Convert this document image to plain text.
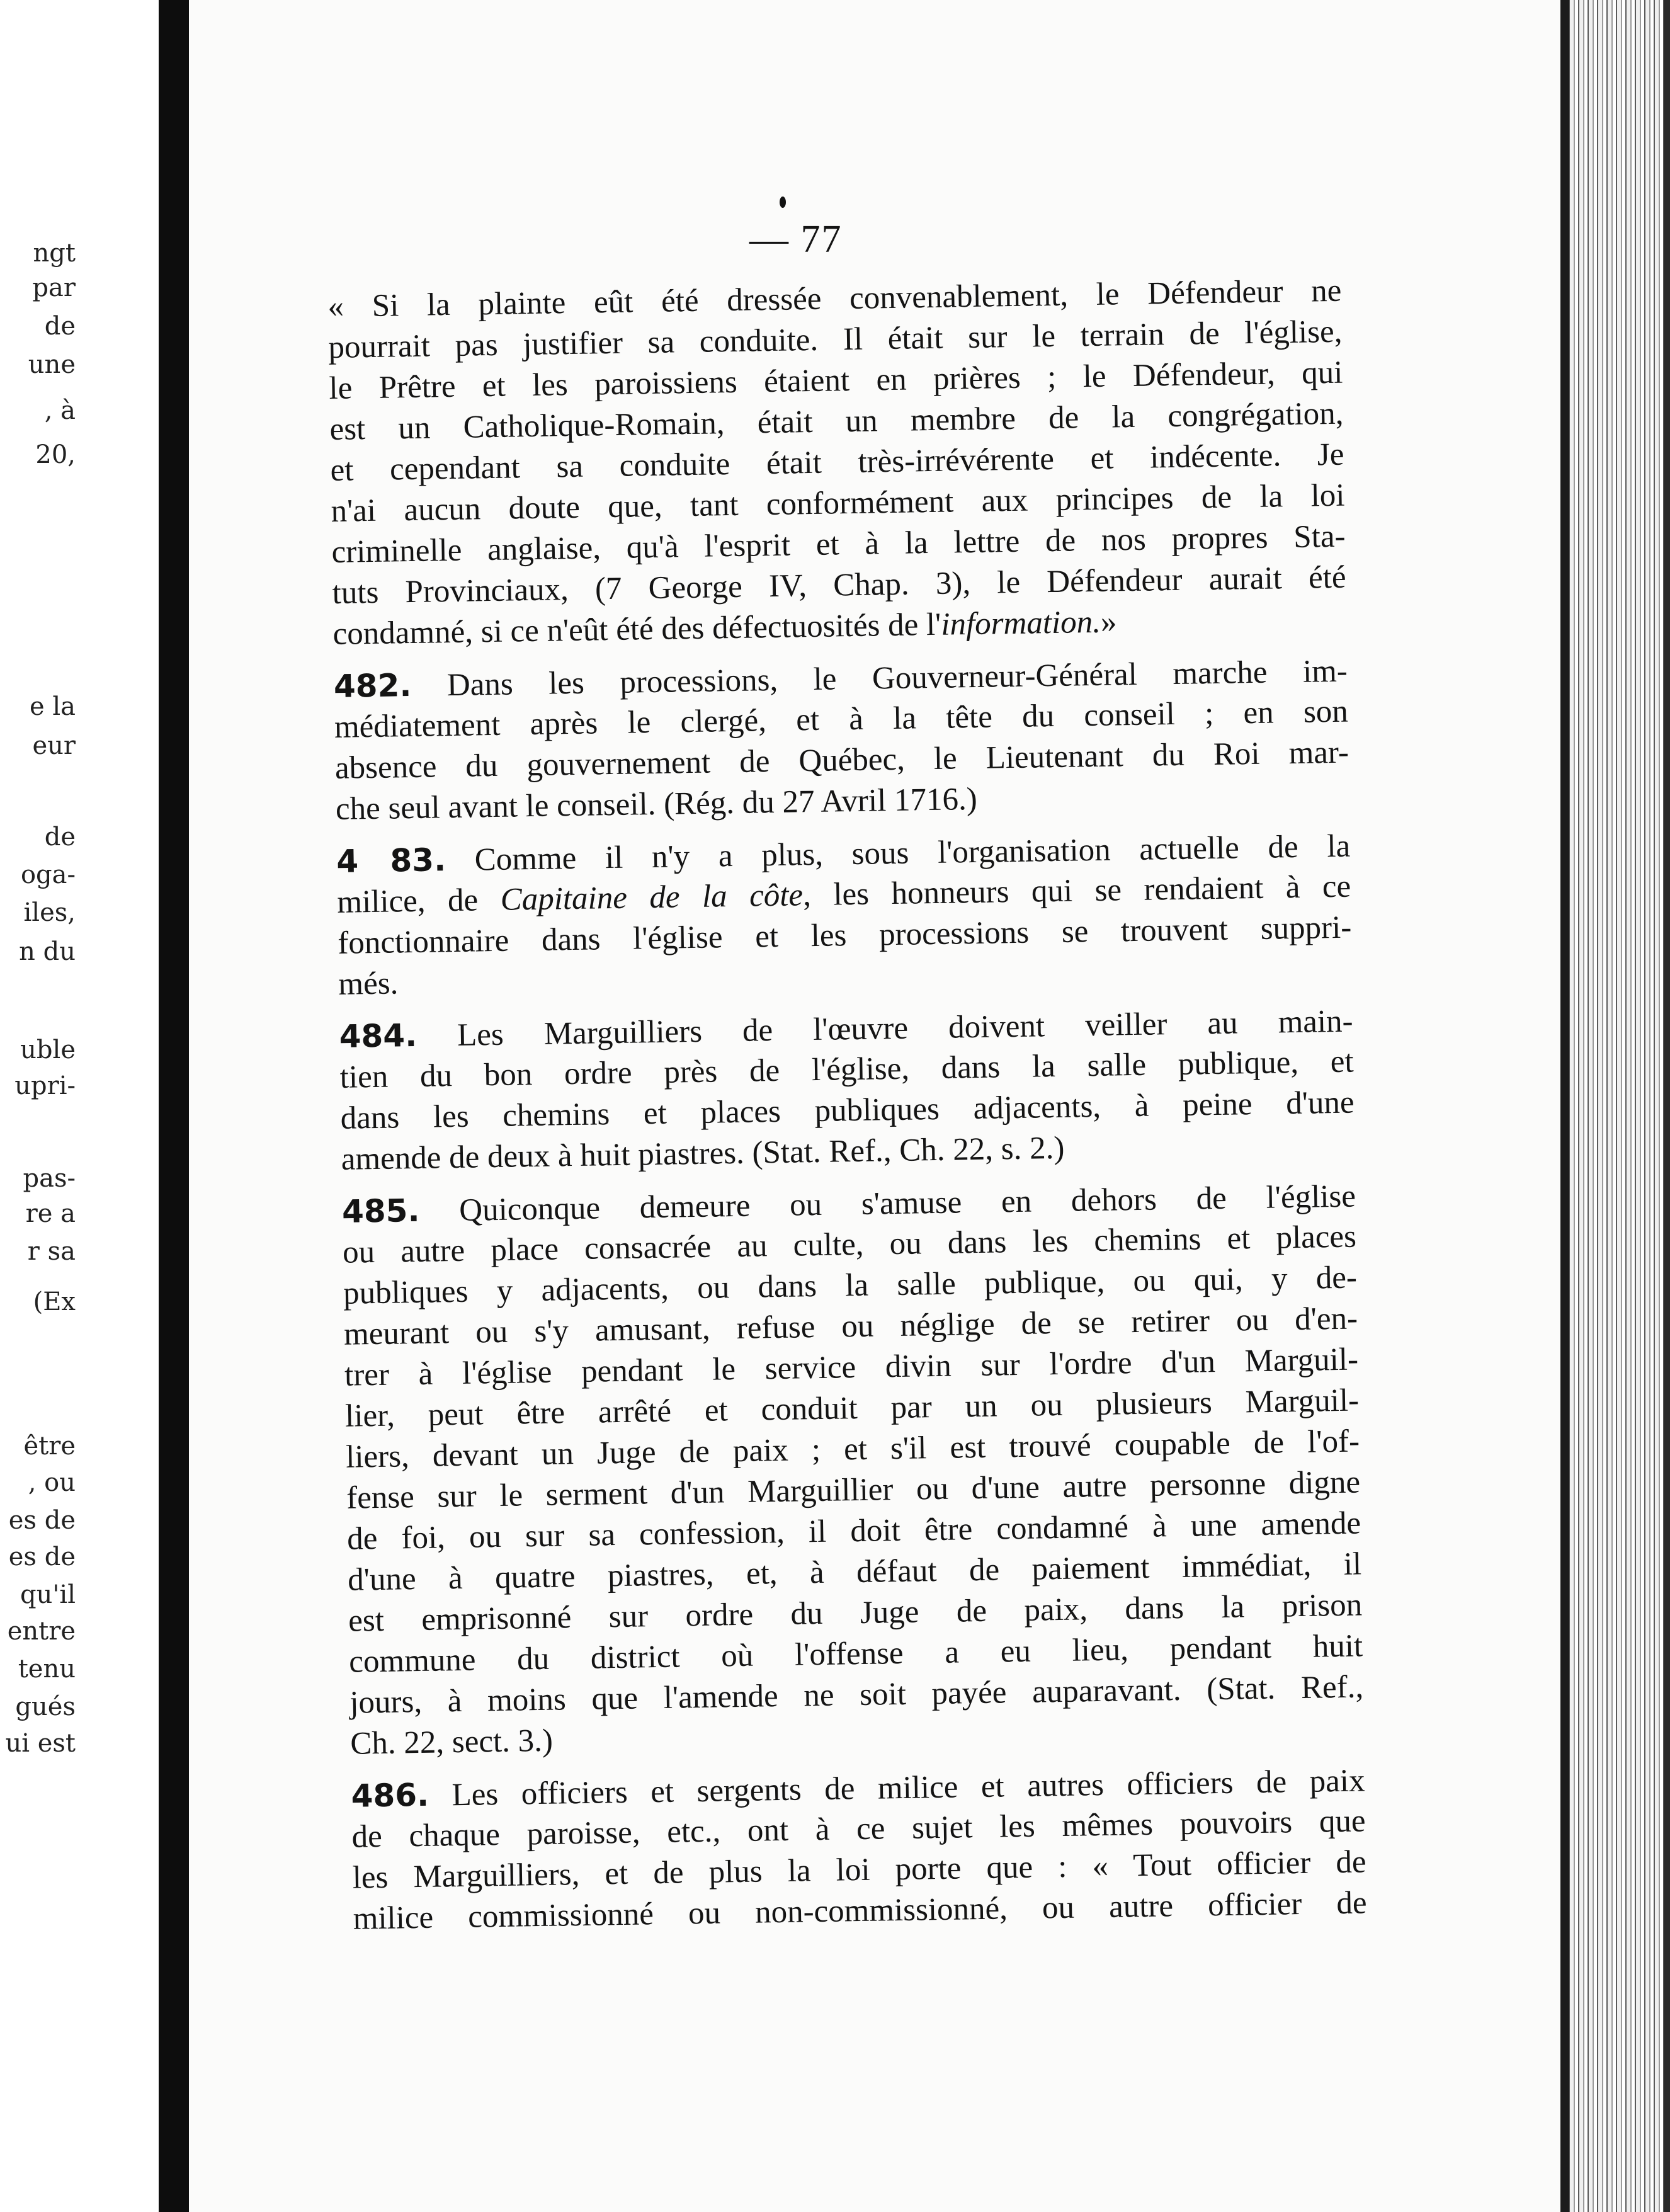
ngt
par
de
une
, à
20,
e la
eur
de
oga-
iles,
n du
uble
upri-
pas-
re a
r sa
(Ex
être
, ou
es de
es de
qu'il
entre
tenu
gués
ui est
— 77
« Si la plainte eût été dressée convenablement, le Défendeur ne
pourrait pas justifier sa conduite. Il était sur le terrain de l'église,
le Prêtre et les paroissiens étaient en prières ; le Défendeur, qui
est un Catholique-Romain, était un membre de la congrégation,
et cependant sa conduite était très-irrévérente et indécente. Je
n'ai aucun doute que, tant conformément aux principes de la loi
criminelle anglaise, qu'à l'esprit et à la lettre de nos propres Sta-
tuts Provinciaux, (7 George IV, Chap. 3), le Défendeur aurait été
condamné, si ce n'eût été des défectuosités de l'information.»
482. Dans les processions, le Gouverneur-Général marche im-
médiatement après le clergé, et à la tête du conseil ; en son
absence du gouvernement de Québec, le Lieutenant du Roi mar-
che seul avant le conseil. (Rég. du 27 Avril 1716.)
4 83. Comme il n'y a plus, sous l'organisation actuelle de la
milice, de Capitaine de la côte, les honneurs qui se rendaient à ce
fonctionnaire dans l'église et les processions se trouvent suppri-
més.
484. Les Marguilliers de l'œuvre doivent veiller au main-
tien du bon ordre près de l'église, dans la salle publique, et
dans les chemins et places publiques adjacents, à peine d'une
amende de deux à huit piastres. (Stat. Ref., Ch. 22, s. 2.)
485. Quiconque demeure ou s'amuse en dehors de l'église
ou autre place consacrée au culte, ou dans les chemins et places
publiques y adjacents, ou dans la salle publique, ou qui, y de-
meurant ou s'y amusant, refuse ou néglige de se retirer ou d'en-
trer à l'église pendant le service divin sur l'ordre d'un Marguil-
lier, peut être arrêté et conduit par un ou plusieurs Marguil-
liers, devant un Juge de paix ; et s'il est trouvé coupable de l'of-
fense sur le serment d'un Marguillier ou d'une autre personne digne
de foi, ou sur sa confession, il doit être condamné à une amende
d'une à quatre piastres, et, à défaut de paiement immédiat, il
est emprisonné sur ordre du Juge de paix, dans la prison
commune du district où l'offense a eu lieu, pendant huit
jours, à moins que l'amende ne soit payée auparavant. (Stat. Ref.,
Ch. 22, sect. 3.)
486. Les officiers et sergents de milice et autres officiers de paix
de chaque paroisse, etc., ont à ce sujet les mêmes pouvoirs que
les Marguilliers, et de plus la loi porte que : « Tout officier de
milice commissionné ou non-commissionné, ou autre officier de
